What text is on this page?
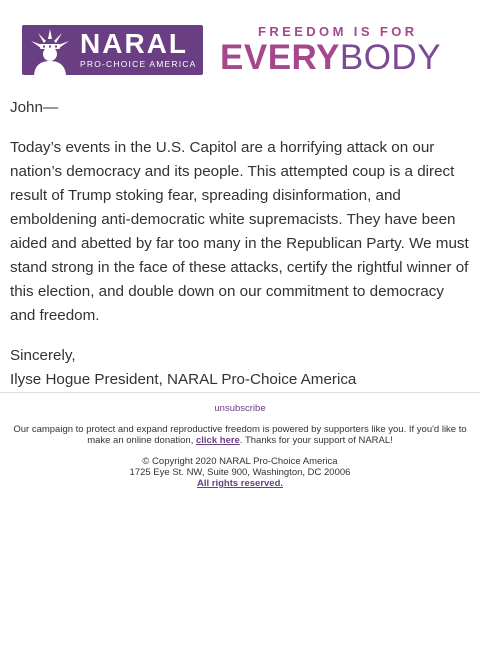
NARAL
PRO-CHOICE AMERICA
FREEDOM IS FOR
EVERYBODY

John—

Today’s events in the U.S. Capitol are a horrifying attack on our nation’s democracy and its people. This attempted coup is a direct result of Trump stoking fear, spreading disinformation, and emboldening anti-democratic white supremacists. They have been aided and abetted by far too many in the Republican Party. We must stand strong in the face of these attacks, certify the rightful winner of this election, and double down on our commitment to democracy and freedom.

Sincerely,

Ilyse Hogue President, NARAL Pro-Choice America

unsubscribe
Our campaign to protect and expand reproductive freedom is powered by supporters like you. If you'd like to make an online donation, click here. Thanks for your support of NARAL!
© Copyright 2020 NARAL Pro-Choice America
1725 Eye St. NW, Suite 900, Washington, DC 20006
All rights reserved.
